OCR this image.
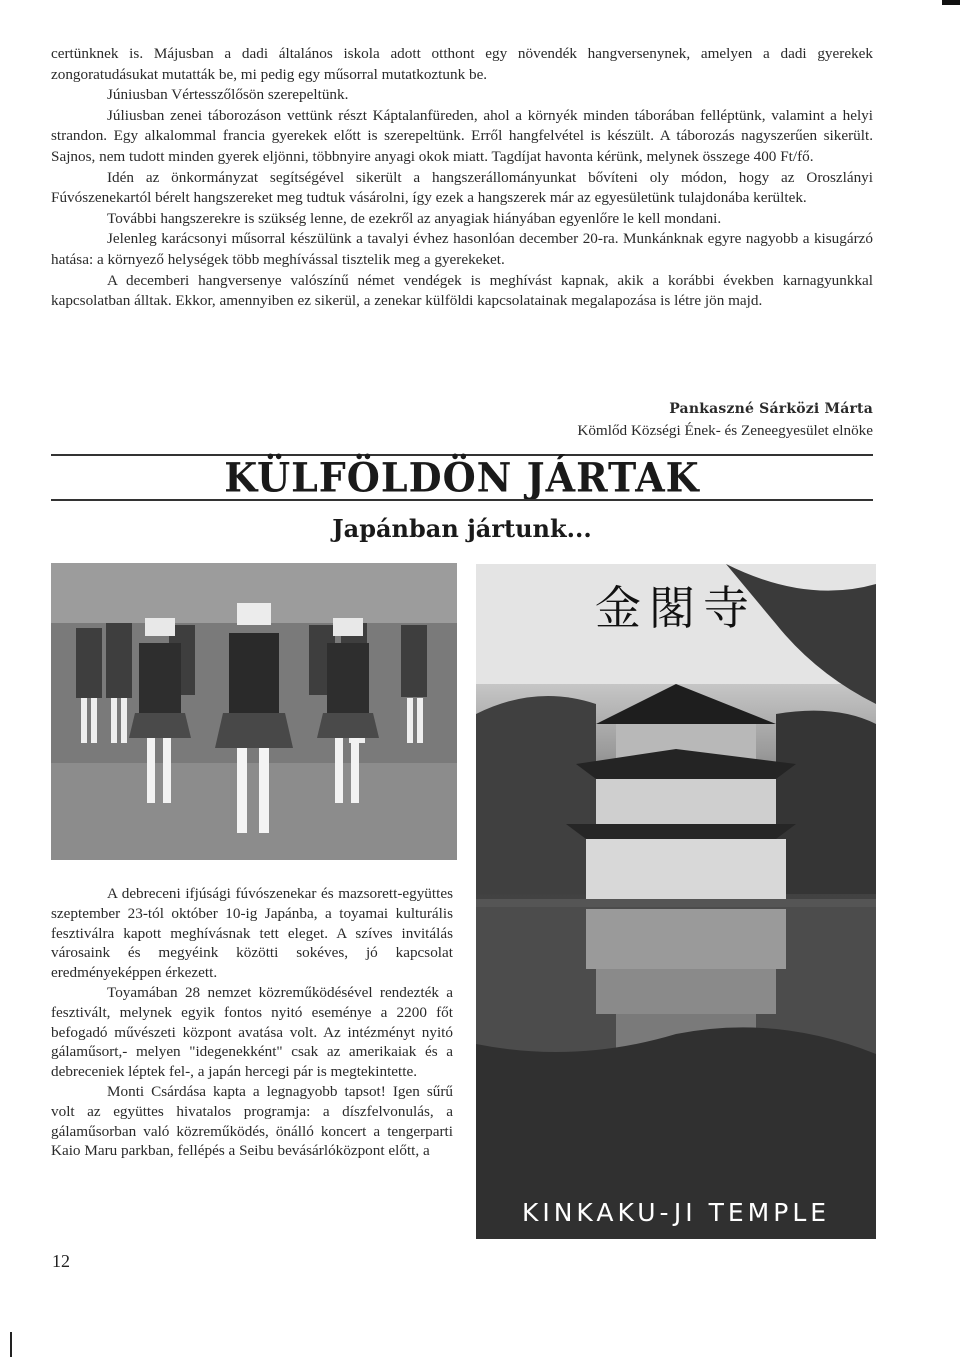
certünknek is. Májusban a dadi általános iskola adott otthont egy növendék hangversenynek, amelyen a dadi gyerekek zongoratudásukat mutatták be, mi pedig egy műsorral mutatkoztunk be.

Júniusban Vértesszőlősön szerepeltünk.

Júliusban zenei táborozáson vettünk részt Káptalanfüreden, ahol a környék minden táborában felléptünk, valamint a helyi strandon. Egy alkalommal francia gyerekek előtt is szerepeltünk. Erről hangfelvétel is készült. A táborozás nagyszerűen sikerült. Sajnos, nem tudott minden gyerek eljönni, többnyire anyagi okok miatt. Tagdíjat havonta kérünk, melynek összege 400 Ft/fő.

Idén az önkormányzat segítségével sikerült a hangszerállományunkat bővíteni oly módon, hogy az Oroszlányi Fúvószenekartól bérelt hangszereket meg tudtuk vásárolni, így ezek a hangszerek már az egyesületünk tulajdonába kerültek.

További hangszerekre is szükség lenne, de ezekről az anyagiak hiányában egyenlőre le kell mondani.

Jelenleg karácsonyi műsorral készülünk a tavalyi évhez hasonlóan december 20-ra. Munkánknak egyre nagyobb a kisugárzó hatása: a környező helységek több meghívással tisztelik meg a gyerekeket.

A decemberi hangversenye valószínű német vendégek is meghívást kapnak, akik a korábbi években karnagyunkkal kapcsolatban álltak. Ekkor, amennyiben ez sikerül, a zenekar külföldi kapcsolatainak megalapozása is létre jön majd.

Pankaszné Sárközi Márta
Kömlőd Községi Ének- és Zeneegyesület elnöke
KÜLFÖLDÖN JÁRTAK
Japánban jártunk...
金閣寺
KINKAKU-JI TEMPLE

A debreceni ifjúsági fúvószenekar és mazsorett-együttes szeptember 23-tól október 10-ig Japánba, a toyamai kulturális fesztiválra kapott meghívásnak tett eleget. A szíves invitálás városaink és megyéink közötti sokéves, jó kapcsolat eredményeképpen érkezett.

Toyamában 28 nemzet közreműködésével rendezték a fesztivált, melynek egyik fontos nyitó eseménye a 2200 főt befogadó művészeti központ avatása volt. Az intézményt nyitó gálaműsort,- melyen "idegenekként" csak az amerikaiak és a debreceniek léptek fel-, a japán hercegi pár is megtekintette.

Monti Csárdása kapta a legnagyobb tapsot! Igen sűrű volt az együttes hivatalos programja: a díszfelvonulás, a gálaműsorban való közreműködés, önálló koncert a tengerparti Kaio Maru parkban, fellépés a Seibu bevásárlóközpont előtt, a

12
